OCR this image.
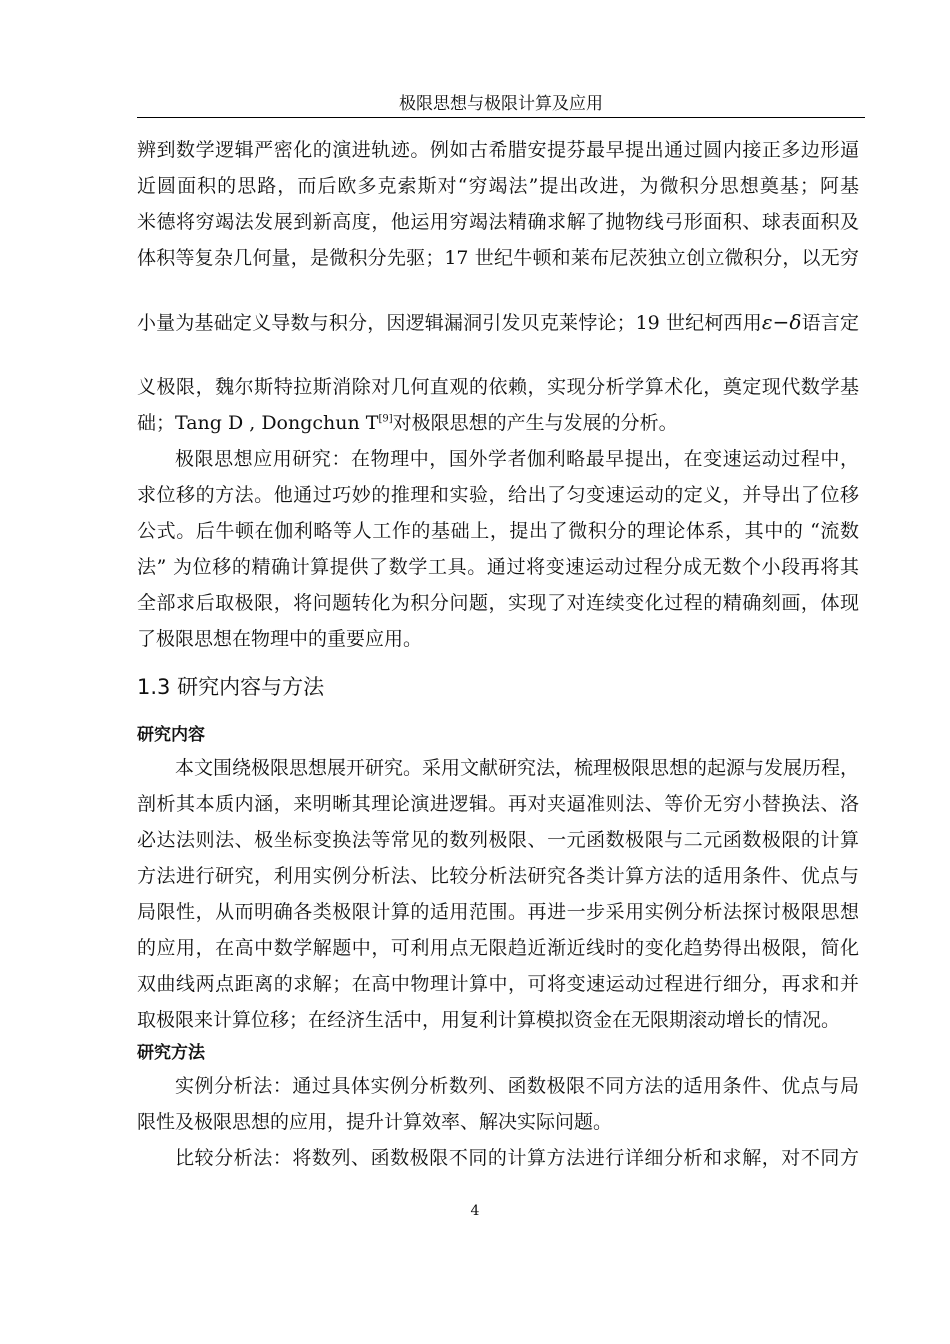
极限思想与极限计算及应用
辨到数学逻辑严密化的演进轨迹。例如古希腊安提芬最早提出通过圆内接正多边形逼
近圆面积的思路，而后欧多克索斯对“穷竭法”提出改进，为微积分思想奠基；阿基
米德将穷竭法发展到新高度，他运用穷竭法精确求解了抛物线弓形面积、球表面积及
体积等复杂几何量，是微积分先驱；17 世纪牛顿和莱布尼茨独立创立微积分，以无穷
小量为基础定义导数与积分，因逻辑漏洞引发贝克莱悖论；19 世纪柯西用ε−δ语言定
义极限，魏尔斯特拉斯消除对几何直观的依赖，实现分析学算术化，奠定现代数学基
础；Tang D , Dongchun T[9]对极限思想的产生与发展的分析。
极限思想应用研究：在物理中，国外学者伽利略最早提出，在变速运动过程中，
求位移的方法。他通过巧妙的推理和实验，给出了匀变速运动的定义，并导出了位移
公式。后牛顿在伽利略等人工作的基础上，提出了微积分的理论体系，其中的 “流数
法” 为位移的精确计算提供了数学工具。通过将变速运动过程分成无数个小段再将其
全部求后取极限，将问题转化为积分问题，实现了对连续变化过程的精确刻画，体现
了极限思想在物理中的重要应用。
1.3 研究内容与方法
研究内容
本文围绕极限思想展开研究。采用文献研究法，梳理极限思想的起源与发展历程，
剖析其本质内涵，来明晰其理论演进逻辑。再对夹逼准则法、等价无穷小替换法、洛
必达法则法、极坐标变换法等常见的数列极限、一元函数极限与二元函数极限的计算
方法进行研究，利用实例分析法、比较分析法研究各类计算方法的适用条件、优点与
局限性，从而明确各类极限计算的适用范围。再进一步采用实例分析法探讨极限思想
的应用，在高中数学解题中，可利用点无限趋近渐近线时的变化趋势得出极限，简化
双曲线两点距离的求解；在高中物理计算中，可将变速运动过程进行细分，再求和并
取极限来计算位移；在经济生活中，用复利计算模拟资金在无限期滚动增长的情况。
研究方法
实例分析法：通过具体实例分析数列、函数极限不同方法的适用条件、优点与局
限性及极限思想的应用，提升计算效率、解决实际问题。
比较分析法：将数列、函数极限不同的计算方法进行详细分析和求解，对不同方
4
